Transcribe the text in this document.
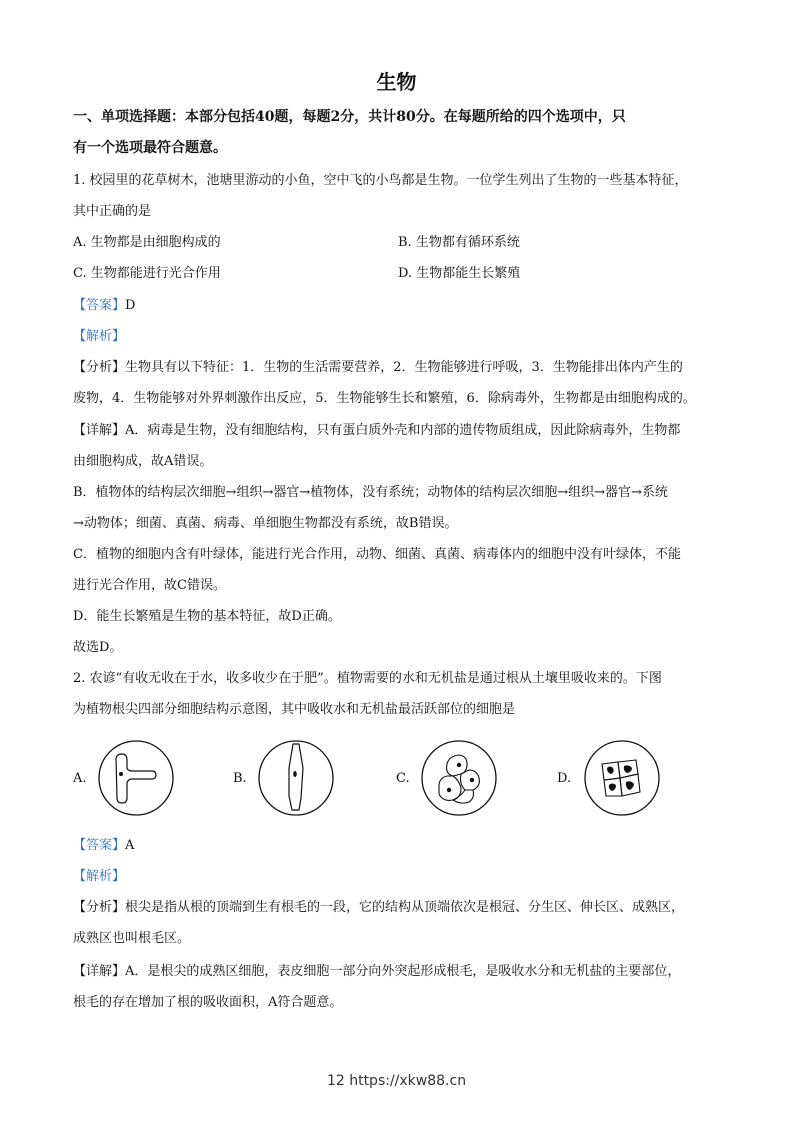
生物
一、单项选择题：本部分包括40题，每题2分，共计80分。在每题所给的四个选项中，只
有一个选项最符合题意。
1. 校园里的花草树木，池塘里游动的小鱼，空中飞的小鸟都是生物。一位学生列出了生物的一些基本特征，
其中正确的是
A. 生物都是由细胞构成的	B. 生物都有循环系统
C. 生物都能进行光合作用	D. 生物都能生长繁殖
【答案】D
【解析】
【分析】生物具有以下特征：1．生物的生活需要营养，2．生物能够进行呼吸，3．生物能排出体内产生的
废物，4．生物能够对外界刺激作出反应，5．生物能够生长和繁殖，6．除病毒外，生物都是由细胞构成的。
【详解】A．病毒是生物，没有细胞结构，只有蛋白质外壳和内部的遗传物质组成，因此除病毒外，生物都
由细胞构成，故A错误。
B．植物体的结构层次细胞→组织→器官→植物体，没有系统；动物体的结构层次细胞→组织→器官→系统
→动物体；细菌、真菌、病毒、单细胞生物都没有系统，故B错误。
C．植物的细胞内含有叶绿体，能进行光合作用，动物、细菌、真菌、病毒体内的细胞中没有叶绿体，不能
进行光合作用，故C错误。
D．能生长繁殖是生物的基本特征，故D正确。
故选D。
2. 农谚“有收无收在于水，收多收少在于肥”。植物需要的水和无机盐是通过根从土壤里吸收来的。下图
为植物根尖四部分细胞结构示意图，其中吸收水和无机盐最活跃部位的细胞是
A.	B.	C.	D.
【答案】A
【解析】
【分析】根尖是指从根的顶端到生有根毛的一段，它的结构从顶端依次是根冠、分生区、伸长区、成熟区，
成熟区也叫根毛区。
【详解】A．是根尖的成熟区细胞，表皮细胞一部分向外突起形成根毛，是吸收水分和无机盐的主要部位，
根毛的存在增加了根的吸收面积，A符合题意。
12 https://xkw88.cn
